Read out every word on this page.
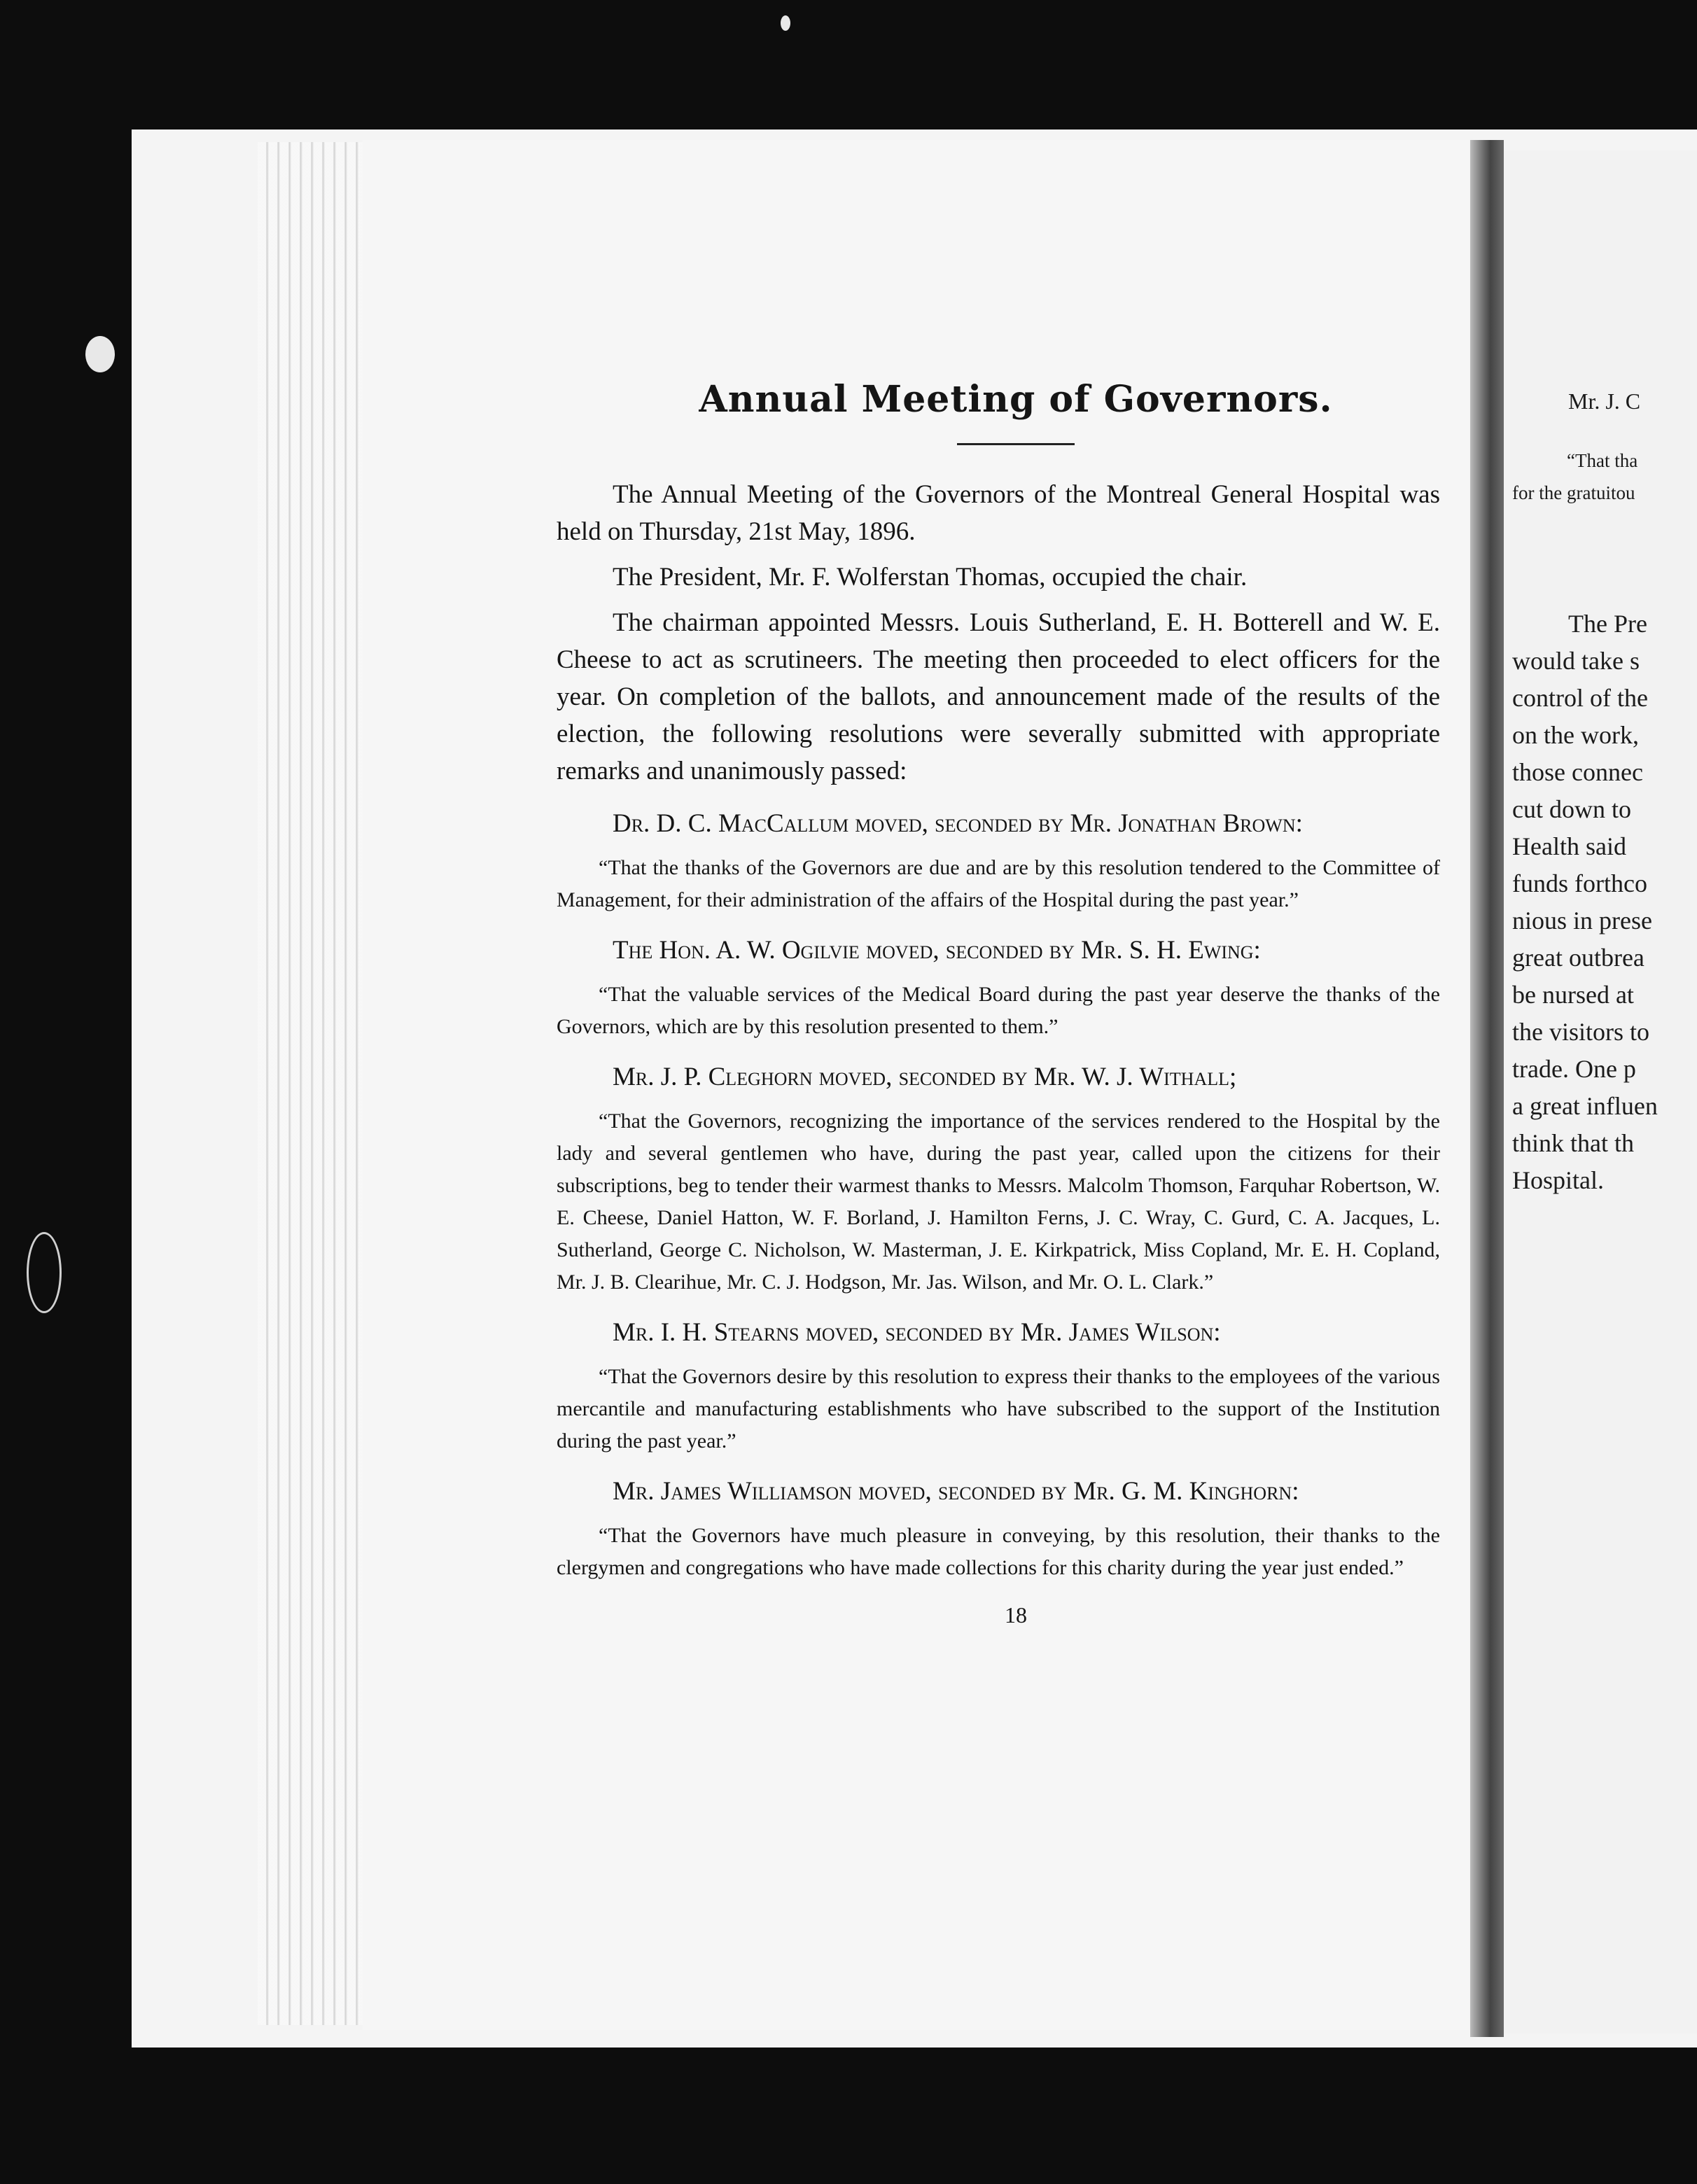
Mr. J. C
“That tha
for the gratuitou
The Pre
would take s
control of the
on the work,
those connec
cut down to
Health said
funds forthco
nious in prese
great outbrea
be nursed at
the visitors to
trade. One p
a great influen
think that th
Hospital.
Annual Meeting of Governors.

The Annual Meeting of the Governors of the Montreal General Hospital was held on Thursday, 21st May, 1896.

The President, Mr. F. Wolferstan Thomas, occupied the chair.

The chairman appointed Messrs. Louis Sutherland, E. H. Botterell and W. E. Cheese to act as scrutineers. The meeting then proceeded to elect officers for the year. On completion of the ballots, and announcement made of the results of the election, the following resolutions were severally submitted with appropriate remarks and unanimously passed:

Dr. D. C. MacCallum moved, seconded by Mr. Jonathan Brown:

“That the thanks of the Governors are due and are by this resolution tendered to the Committee of Management, for their administration of the affairs of the Hospital during the past year.”

The Hon. A. W. Ogilvie moved, seconded by Mr. S. H. Ewing:

“That the valuable services of the Medical Board during the past year deserve the thanks of the Governors, which are by this resolution presented to them.”

Mr. J. P. Cleghorn moved, seconded by Mr. W. J. Withall;

“That the Governors, recognizing the importance of the services rendered to the Hospital by the lady and several gentlemen who have, during the past year, called upon the citizens for their subscriptions, beg to tender their warmest thanks to Messrs. Malcolm Thomson, Farquhar Robertson, W. E. Cheese, Daniel Hatton, W. F. Borland, J. Hamilton Ferns, J. C. Wray, C. Gurd, C. A. Jacques, L. Sutherland, George C. Nicholson, W. Masterman, J. E. Kirkpatrick, Miss Copland, Mr. E. H. Copland, Mr. J. B. Clearihue, Mr. C. J. Hodgson, Mr. Jas. Wilson, and Mr. O. L. Clark.”

Mr. I. H. Stearns moved, seconded by Mr. James Wilson:

“That the Governors desire by this resolution to express their thanks to the employees of the various mercantile and manufacturing establishments who have subscribed to the support of the Institution during the past year.”

Mr. James Williamson moved, seconded by Mr. G. M. Kinghorn:

“That the Governors have much pleasure in conveying, by this resolution, their thanks to the clergymen and congregations who have made collections for this charity during the year just ended.”

18
